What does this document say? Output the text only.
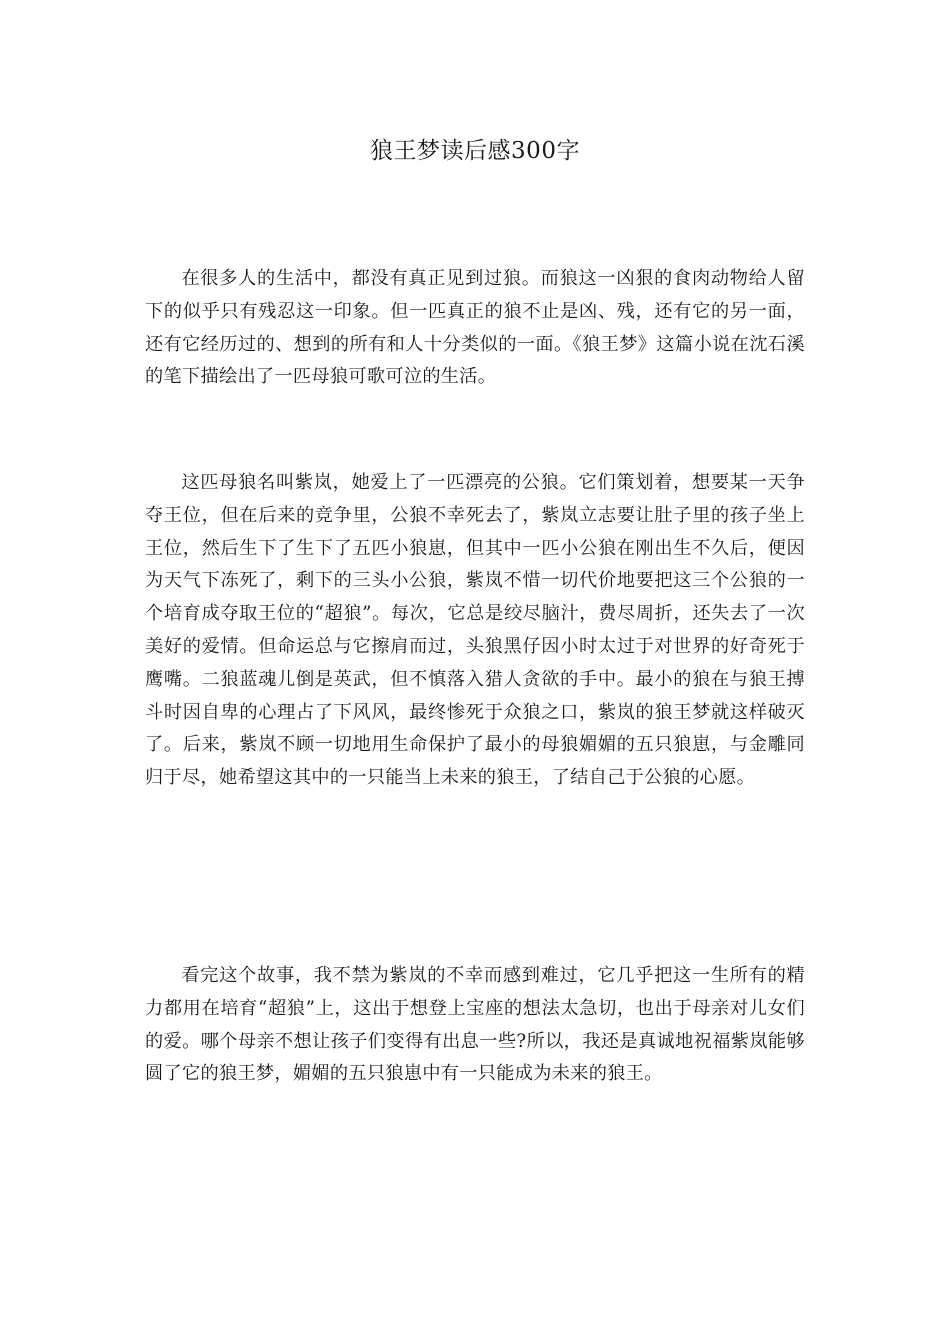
狼王梦读后感300字

在很多人的生活中，都没有真正见到过狼。而狼这一凶狠的食肉动物给人留下的似乎只有残忍这一印象。但一匹真正的狼不止是凶、残，还有它的另一面，还有它经历过的、想到的所有和人十分类似的一面。《狼王梦》这篇小说在沈石溪的笔下描绘出了一匹母狼可歌可泣的生活。

这匹母狼名叫紫岚，她爱上了一匹漂亮的公狼。它们策划着，想要某一天争夺王位，但在后来的竞争里，公狼不幸死去了，紫岚立志要让肚子里的孩子坐上王位，然后生下了生下了五匹小狼崽，但其中一匹小公狼在刚出生不久后，便因为天气下冻死了，剩下的三头小公狼，紫岚不惜一切代价地要把这三个公狼的一个培育成夺取王位的“超狼”。每次，它总是绞尽脑汁，费尽周折，还失去了一次美好的爱情。但命运总与它擦肩而过，头狼黑仔因小时太过于对世界的好奇死于鹰嘴。二狼蓝魂儿倒是英武，但不慎落入猎人贪欲的手中。最小的狼在与狼王搏斗时因自卑的心理占了下风风，最终惨死于众狼之口，紫岚的狼王梦就这样破灭了。后来，紫岚不顾一切地用生命保护了最小的母狼媚媚的五只狼崽，与金雕同归于尽，她希望这其中的一只能当上未来的狼王，了结自己于公狼的心愿。

看完这个故事，我不禁为紫岚的不幸而感到难过，它几乎把这一生所有的精力都用在培育“超狼”上，这出于想登上宝座的想法太急切，也出于母亲对儿女们的爱。哪个母亲不想让孩子们变得有出息一些?所以，我还是真诚地祝福紫岚能够圆了它的狼王梦，媚媚的五只狼崽中有一只能成为未来的狼王。
